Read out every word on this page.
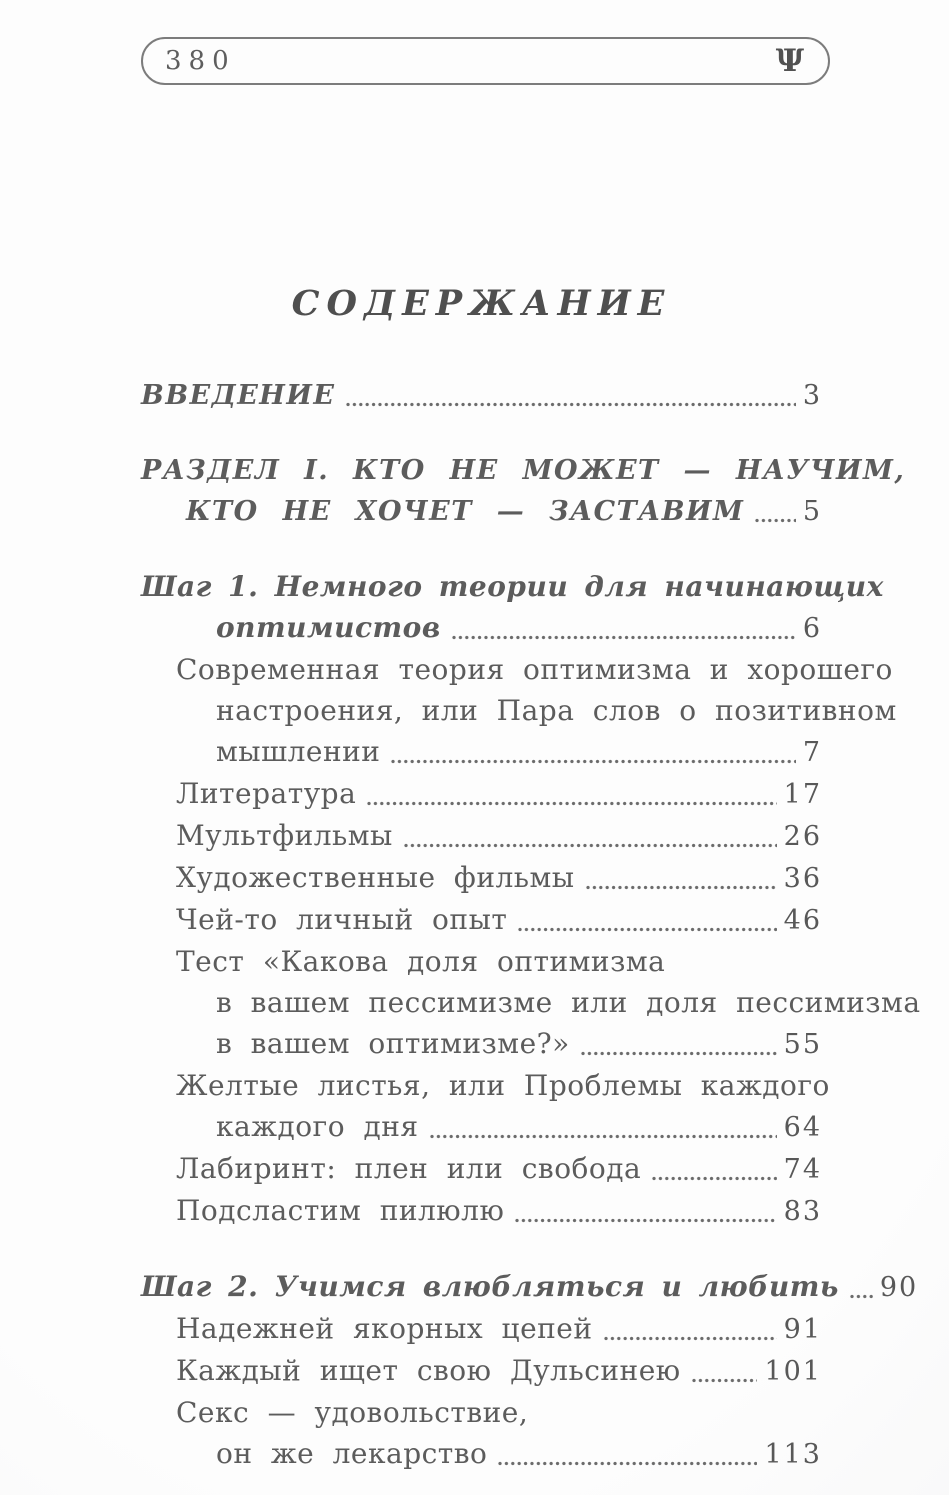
380	Ψ
СОДЕРЖАНИЕ
ВВЕДЕНИЕ	3
РАЗДЕЛ I. КТО НЕ МОЖЕТ — НАУЧИМ,
КТО НЕ ХОЧЕТ — ЗАСТАВИМ 5
Шаг 1. Немного теории для начинающих
оптимистов	6
Современная теория оптимизма и хорошего
настроения, или Пара слов о позитивном
мышлении	7
Литература	17
Мультфильмы	26
Художественные фильмы	36
Чей-то личный опыт	46
Тест «Какова доля оптимизма
в вашем пессимизме или доля пессимизма
в вашем оптимизме?»	55
Желтые листья, или Проблемы каждого
каждого дня	64
Лабиринт: плен или свобода	74
Подсластим пилюлю	83
Шаг 2. Учимся влюбляться и любить 90
Надежней якорных цепей	91
Каждый ищет свою Дульсинею	101
Секс — удовольствие,
он же лекарство	113
